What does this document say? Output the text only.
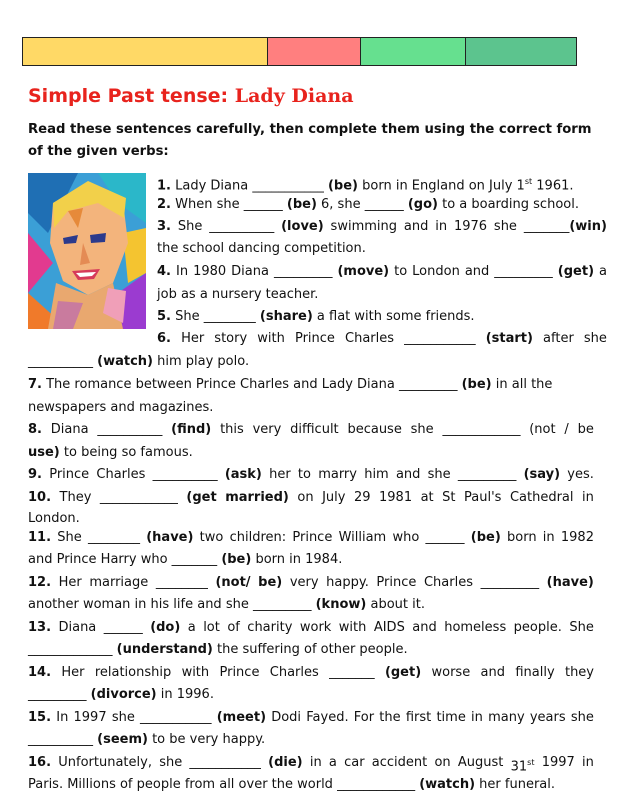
Simple Past tense: Lady Diana
Read these sentences carefully, then complete them using the correct form of the given verbs:
1. Lady Diana ___________ (be) born in England on July 1st 1961.
2. When she ______ (be) 6, she ______ (go) to a boarding school.
3. She __________ (love) swimming and in 1976 she _______(win)
the school dancing competition.
4. In 1980 Diana _________ (move) to London and _________ (get) a
job as a nursery teacher.
5. She ________ (share) a flat with some friends.
6. Her story with Prince Charles ___________ (start) after she
__________ (watch) him play polo.
7. The romance between Prince Charles and Lady Diana _________ (be) in all the
newspapers and magazines.
8. Diana __________ (find) this very difficult because she ____________ (not / be
use) to being so famous.
9. Prince Charles __________ (ask) her to marry him and she _________ (say) yes.
10. They ____________ (get married) on July 29 1981 at St Paul's Cathedral in
London.
11. She ________ (have) two children: Prince William who ______ (be) born in 1982
and Prince Harry who _______ (be) born in 1984.
12. Her marriage ________ (not/ be) very happy. Prince Charles _________ (have)
another woman in his life and she _________ (know) about it.
13. Diana ______ (do) a lot of charity work with AIDS and homeless people. She
_____________ (understand) the suffering of other people.
14. Her relationship with Prince Charles _______ (get) worse and finally they
_________ (divorce) in 1996.
15. In 1997 she ___________ (meet) Dodi Fayed. For the first time in many years she
__________ (seem) to be very happy.
16. Unfortunately, she ___________ (die) in a car accident on August 31st 1997 in
Paris. Millions of people from all over the world ____________ (watch) her funeral.
